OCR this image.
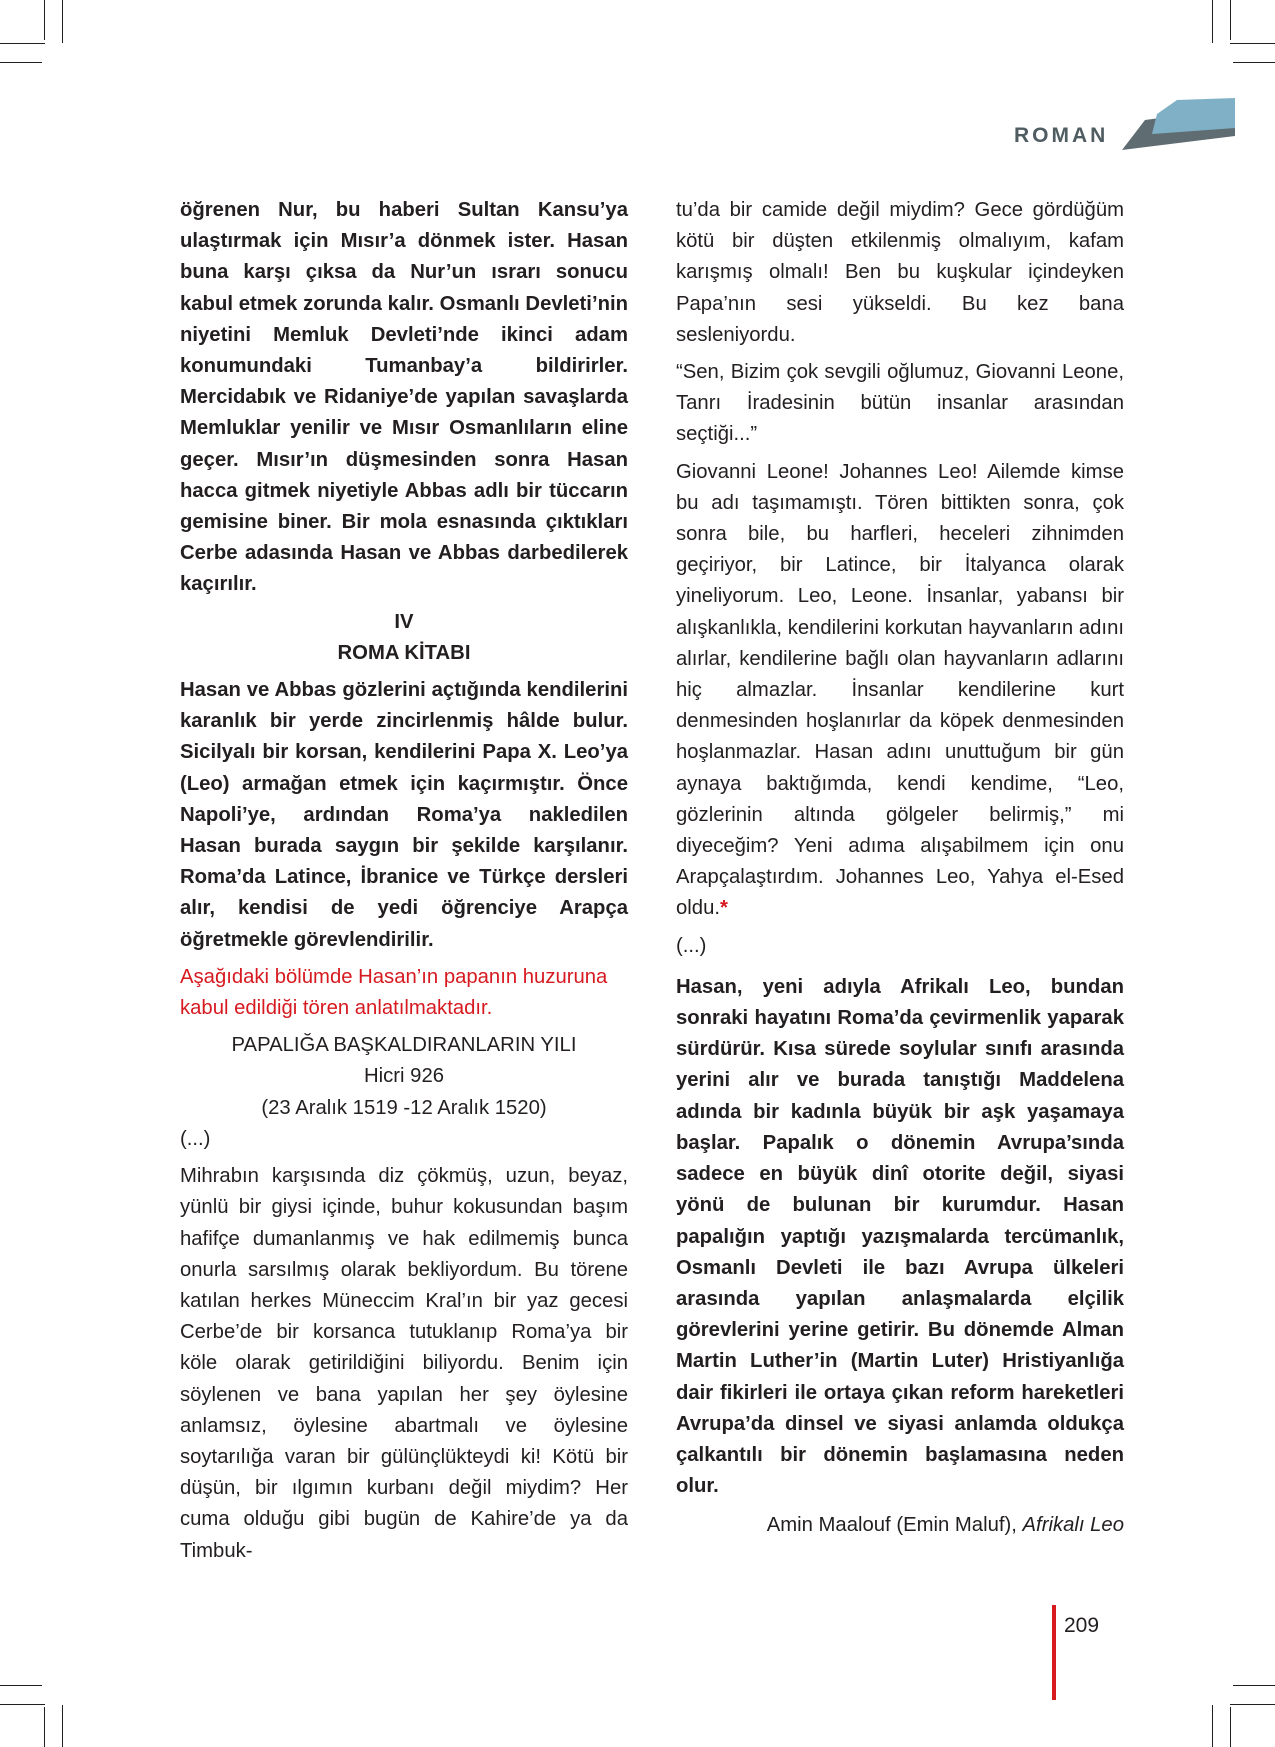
ROMAN

öğrenen Nur, bu haberi Sultan Kansu’ya ulaştırmak için Mısır’a dönmek ister. Hasan buna karşı çıksa da Nur’un ısrarı sonucu kabul etmek zorunda kalır. Osmanlı Devleti’nin niyetini Memluk Devleti’nde ikinci adam konumundaki Tumanbay’a bildirirler. Mercidabık ve Ridaniye’de yapılan savaşlarda Memluklar yenilir ve Mısır Osmanlıların eline geçer. Mısır’ın düşmesinden sonra Hasan hacca gitmek niyetiyle Abbas adlı bir tüccarın gemisine biner. Bir mola esnasında çıktıkları Cerbe adasında Hasan ve Abbas darbedilerek kaçırılır.

IV

ROMA KİTABI

Hasan ve Abbas gözlerini açtığında kendilerini karanlık bir yerde zincirlenmiş hâlde bulur. Sicilyalı bir korsan, kendilerini Papa X. Leo’ya (Leo) armağan etmek için kaçırmıştır. Önce Napoli’ye, ardından Roma’ya nakledilen Hasan burada saygın bir şekilde karşılanır. Roma’da Latince, İbranice ve Türkçe dersleri alır, kendisi de yedi öğrenciye Arapça öğretmekle görevlendirilir.

Aşağıdaki bölümde Hasan’ın papanın huzuruna kabul edildiği tören anlatılmaktadır.

PAPALIĞA BAŞKALDIRANLARIN YILI

Hicri 926

(23 Aralık 1519 -12 Aralık 1520)

(...)

Mihrabın karşısında diz çökmüş, uzun, beyaz, yünlü bir giysi içinde, buhur kokusundan başım hafifçe dumanlanmış ve hak edilmemiş bunca onurla sarsılmış olarak bekliyordum. Bu törene katılan herkes Müneccim Kral’ın bir yaz gecesi Cerbe’de bir korsanca tutuklanıp Roma’ya bir köle olarak getirildiğini biliyordu. Benim için söylenen ve bana yapılan her şey öylesine anlamsız, öylesine abartmalı ve öylesine soytarılığa varan bir gülünçlükteydi ki! Kötü bir düşün, bir ılgımın kurbanı değil miydim? Her cuma olduğu gibi bugün de Kahire’de ya da Timbuk-

tu’da bir camide değil miydim? Gece gördüğüm kötü bir düşten etkilenmiş olmalıyım, kafam karışmış olmalı! Ben bu kuşkular içindeyken Papa’nın sesi yükseldi. Bu kez bana sesleniyordu.

“Sen, Bizim çok sevgili oğlumuz, Giovanni Leone, Tanrı İradesinin bütün insanlar arasından seçtiği...”

Giovanni Leone! Johannes Leo! Ailemde kimse bu adı taşımamıştı. Tören bittikten sonra, çok sonra bile, bu harfleri, heceleri zihnimden geçiriyor, bir Latince, bir İtalyanca olarak yineliyorum. Leo, Leone. İnsanlar, yabansı bir alışkanlıkla, kendilerini korkutan hayvanların adını alırlar, kendilerine bağlı olan hayvanların adlarını hiç almazlar. İnsanlar kendilerine kurt denmesinden hoşlanırlar da köpek denmesinden hoşlanmazlar. Hasan adını unuttuğum bir gün aynaya baktığımda, kendi kendime, “Leo, gözlerinin altında gölgeler belirmiş,” mi diyeceğim? Yeni adıma alışabilmem için onu Arapçalaştırdım. Johannes Leo, Yahya el-Esed oldu.*

(...)

Hasan, yeni adıyla Afrikalı Leo, bundan sonraki hayatını Roma’da çevirmenlik yaparak sürdürür. Kısa sürede soylular sınıfı arasında yerini alır ve burada tanıştığı Maddelena adında bir kadınla büyük bir aşk yaşamaya başlar. Papalık o dönemin Avrupa’sında sadece en büyük dinî otorite değil, siyasi yönü de bulunan bir kurumdur. Hasan papalığın yaptığı yazışmalarda tercümanlık, Osmanlı Devleti ile bazı Avrupa ülkeleri arasında yapılan anlaşmalarda elçilik görevlerini yerine getirir. Bu dönemde Alman Martin Luther’in (Martin Luter) Hristiyanlığa dair fikirleri ile ortaya çıkan reform hareketleri Avrupa’da dinsel ve siyasi anlamda oldukça çalkantılı bir dönemin başlamasına neden olur.

Amin Maalouf (Emin Maluf), Afrikalı Leo

209
